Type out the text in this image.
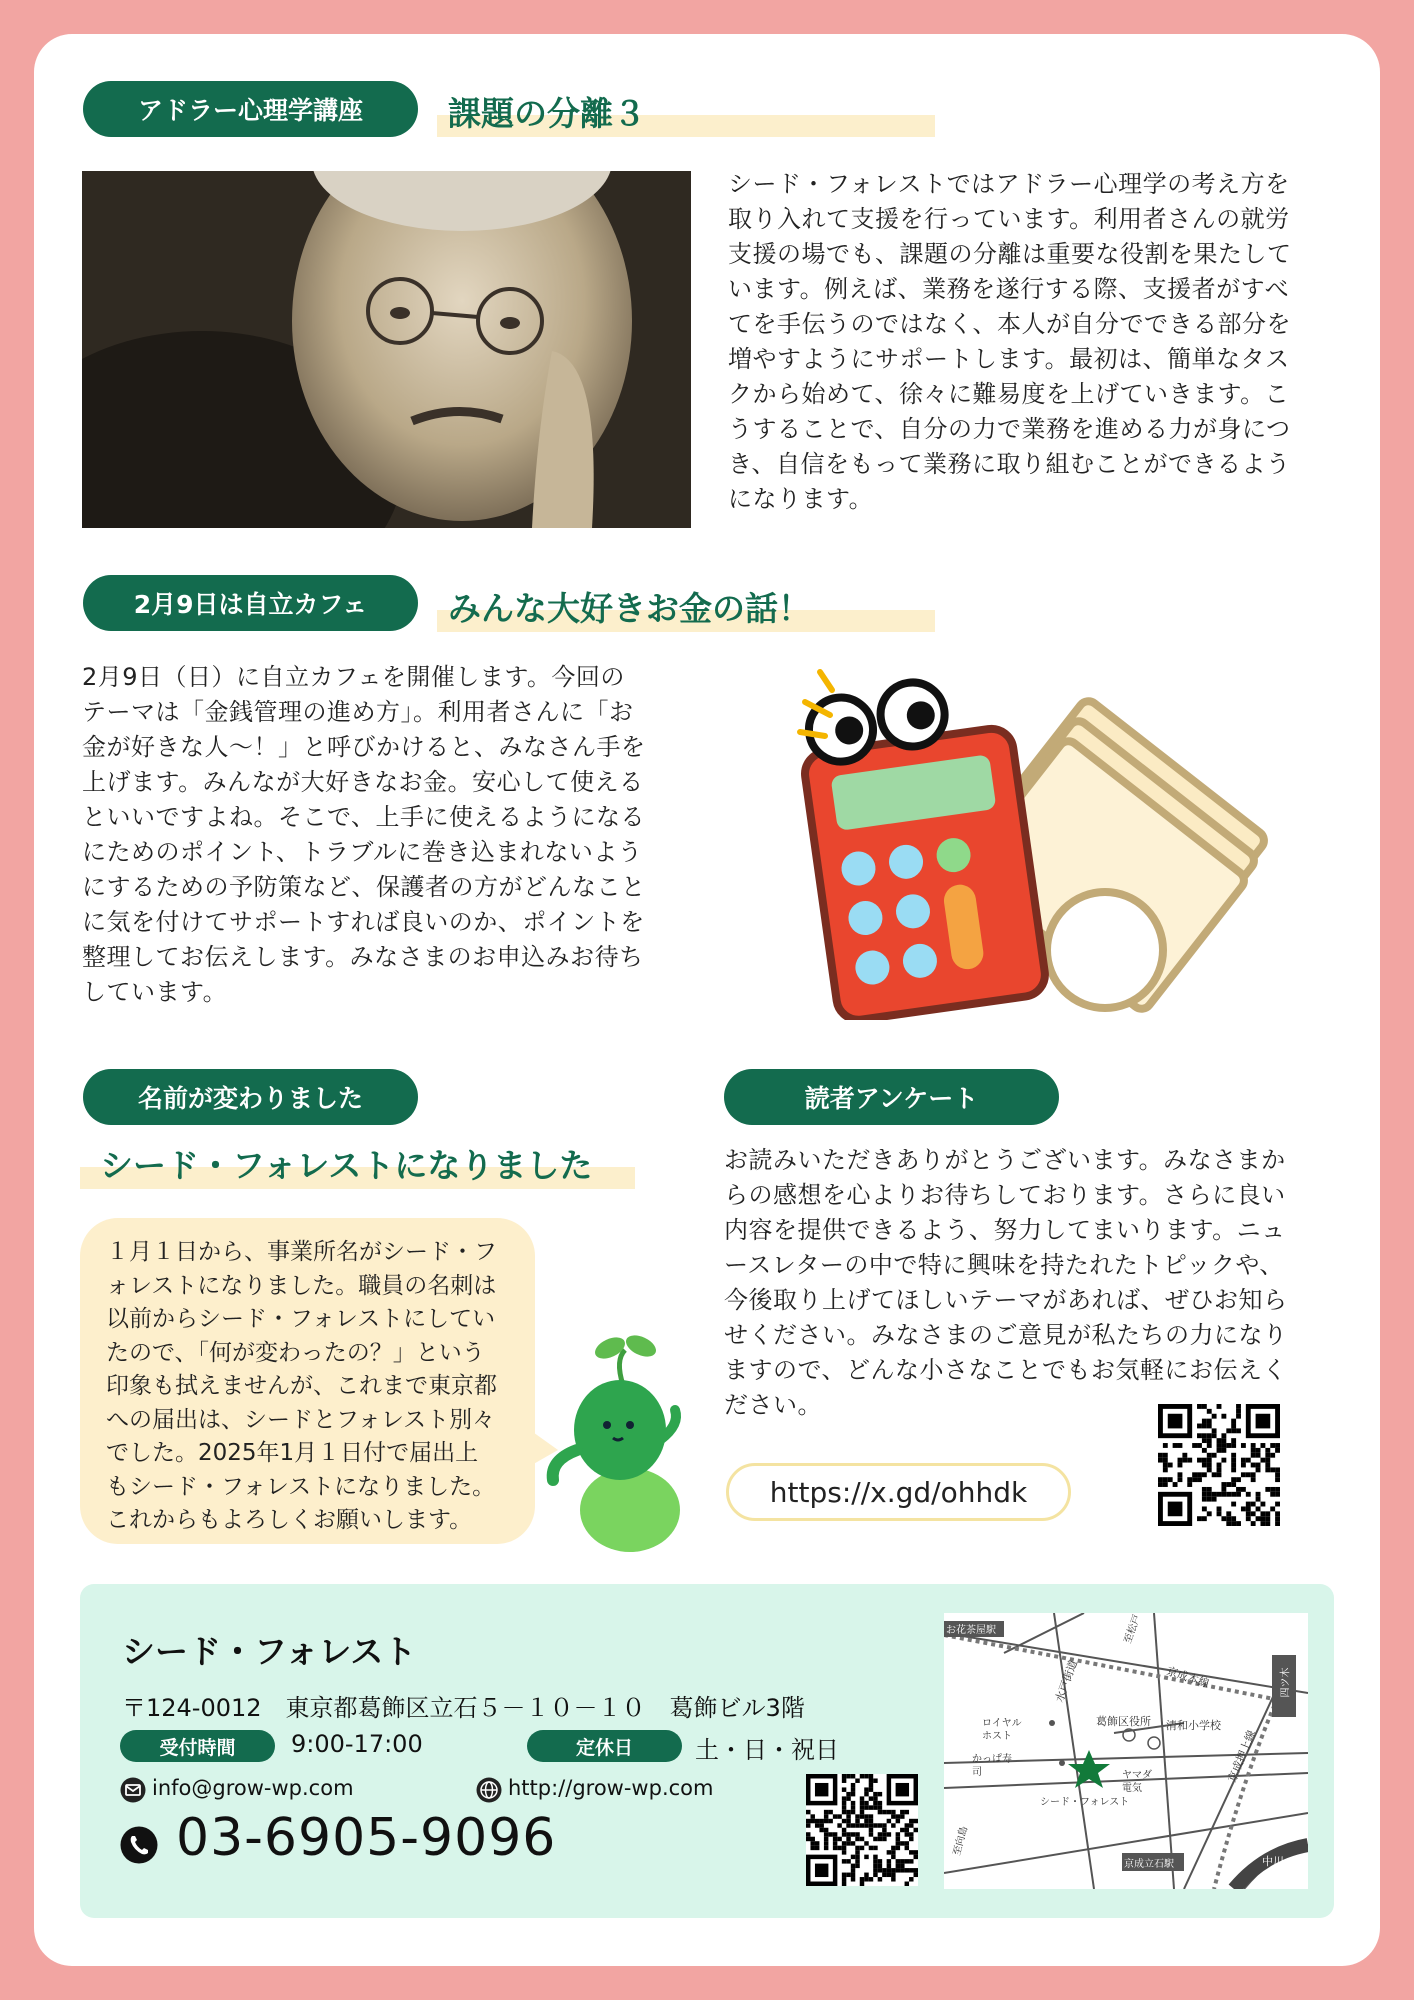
アドラー心理学講座	課題の分離３
シード・フォレストではアドラー心理学の考え方を
取り入れて支援を行っています。利用者さんの就労
支援の場でも、課題の分離は重要な役割を果たして
います。例えば、業務を遂行する際、支援者がすべ
てを手伝うのではなく、本人が自分でできる部分を
増やすようにサポートします。最初は、簡単なタス
クから始めて、徐々に難易度を上げていきます。こ
うすることで、自分の力で業務を進める力が身につ
き、自信をもって業務に取り組むことができるよう
になります。
2月9日は自立カフェ	みんな大好きお金の話！
2月9日（日）に自立カフェを開催します。今回の
テーマは「金銭管理の進め方」。利用者さんに「お
金が好きな人〜！」と呼びかけると、みなさん手を
上げます。みんなが大好きなお金。安心して使える
といいですよね。そこで、上手に使えるようになる
にためのポイント、トラブルに巻き込まれないよう
にするための予防策など、保護者の方がどんなこと
に気を付けてサポートすれば良いのか、ポイントを
整理してお伝えします。みなさまのお申込みお待ち
しています。
名前が変わりました
シード・フォレストになりました
１月１日から、事業所名がシード・フ
ォレストになりました。職員の名刺は
以前からシード・フォレストにしてい
たので、「何が変わったの？」という
印象も拭えませんが、これまで東京都
への届出は、シードとフォレスト別々
でした。2025年1月１日付で届出上
もシード・フォレストになりました。
これからもよろしくお願いします。
読者アンケート
お読みいただきありがとうございます。みなさまか
らの感想を心よりお待ちしております。さらに良い
内容を提供できるよう、努力してまいります。ニュ
ースレターの中で特に興味を持たれたトピックや、
今後取り上げてほしいテーマがあれば、ぜひお知ら
せください。みなさまのご意見が私たちの力になり
ますので、どんな小さなことでもお気軽にお伝えく
ださい。
https://x.gd/ohhdk
シード・フォレスト
〒124-0012　東京都葛飾区立石５－１０－１０　葛飾ビル3階
受付時間	9:00-17:00	定休日	土・日・祝日
info@grow-wp.com	http://grow-wp.com
03-6905-9096
お花茶屋駅	至松戸
京成本線
水戸街道
葛飾区役所 清和小学校
ロイヤルホスト
かっぱ寿司	ヤマダ電気
シード・フォレスト
至向島
京成立石駅	中川
京成押上線
四ツ木
